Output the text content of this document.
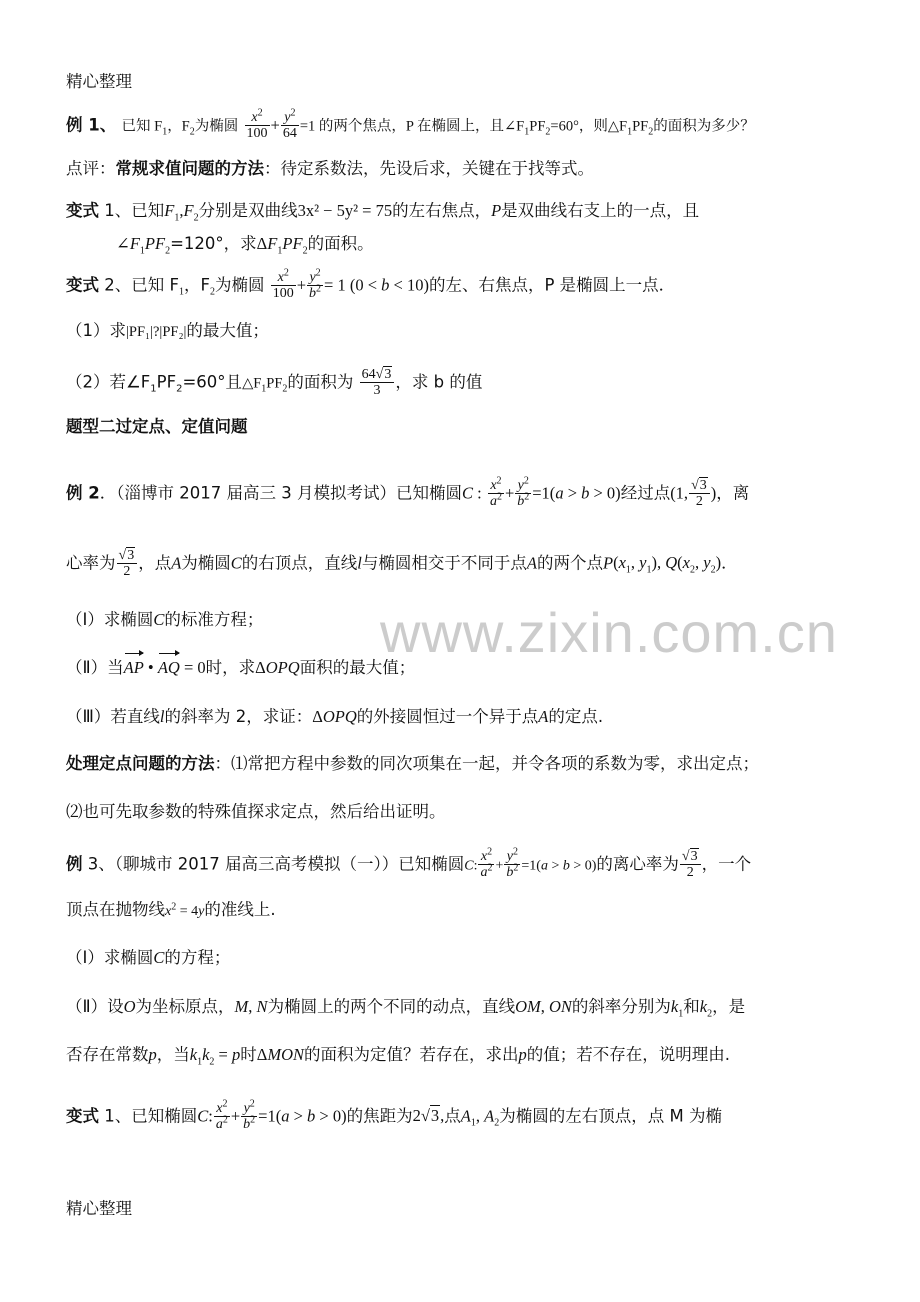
精心整理
例 1、 已知 $F_1$，$F_2$为椭圆 $\frac{x^2}{100} + \frac{y^2}{64} =1$ 的两个焦点，P 在椭圆上，且$\angle F_1PF_2=60^\circ$，则$\triangle F_1PF_2$的面积为多少？
点评：常规求值问题的方法：待定系数法，先设后求，关键在于找等式。
变式 1、已知$F_1,F_2$分别是双曲线3x² − 5y² = 75的左右焦点，P是双曲线右支上的一点，且
$\angle F_1PF_2=120^\circ$，求$\Delta F_1PF_2$的面积。
变式 2、已知 $F_1$，$F_2$为椭圆 $\frac{x^2}{100} + \frac{y^2}{b^2} = 1$ (0 < b < 10)的左、右焦点，P 是椭圆上一点．
（1）求|PF₁|?|PF₂|的最大值；
（2）若$\angle F_1PF_2=60^\circ$且$\triangle F_1PF_2$的面积为 $\frac{64√3}{3}$ ，求 b 的值
题型二过定点、定值问题
例 2．（淄博市 2017 届高三 3 月模拟考试）已知椭圆C : $\frac{x^2}{a^2} + \frac{y^2}{b^2} =1(a > b > 0)$经过点(1, $\frac{√3}{2}$ )，离
心率为 $\frac{√3}{2}$ ，点A为椭圆C的右顶点，直线l与椭圆相交于不同于点A的两个点$P(x_1$, $y_1$), $Q(x_2$, $y_2$)．
（Ⅰ）求椭圆C的标准方程；
（Ⅱ）当AP • AQ = 0时，求ΔOPQ面积的最大值；
（Ⅲ）若直线l的斜率为 2，求证：ΔOPQ的外接圆恒过一个异于点A的定点.
处理定点问题的方法：⑴常把方程中参数的同次项集在一起，并令各项的系数为零，求出定点；
⑵也可先取参数的特殊值探求定点，然后给出证明。
例 3、（聊城市 2017 届高三高考模拟（一））已知椭圆C: $\frac{x^2}{a^2} + \frac{y^2}{b^2} =1(a > b > 0)$的离心率为 $\frac{√3}{2}$ ，一个
顶点在抛物线$x^2 = 4y$的准线上.
（Ⅰ）求椭圆C的方程；
（Ⅱ）设O为坐标原点，M, N为椭圆上的两个不同的动点，直线OM, ON的斜率分别为$k_1$和$k_2$，是
否存在常数p，当$k_1k_2 = p$时ΔMON的面积为定值？若存在，求出p的值；若不存在，说明理由.
变式 1、已知椭圆C: $\frac{x^2}{a^2} + \frac{y^2}{b^2} =1(a > b > 0)$的焦距为2√3,点$A_1$, $A_2$为椭圆的左右顶点，点 M 为椭
精心整理
www.zixin.com.cn
